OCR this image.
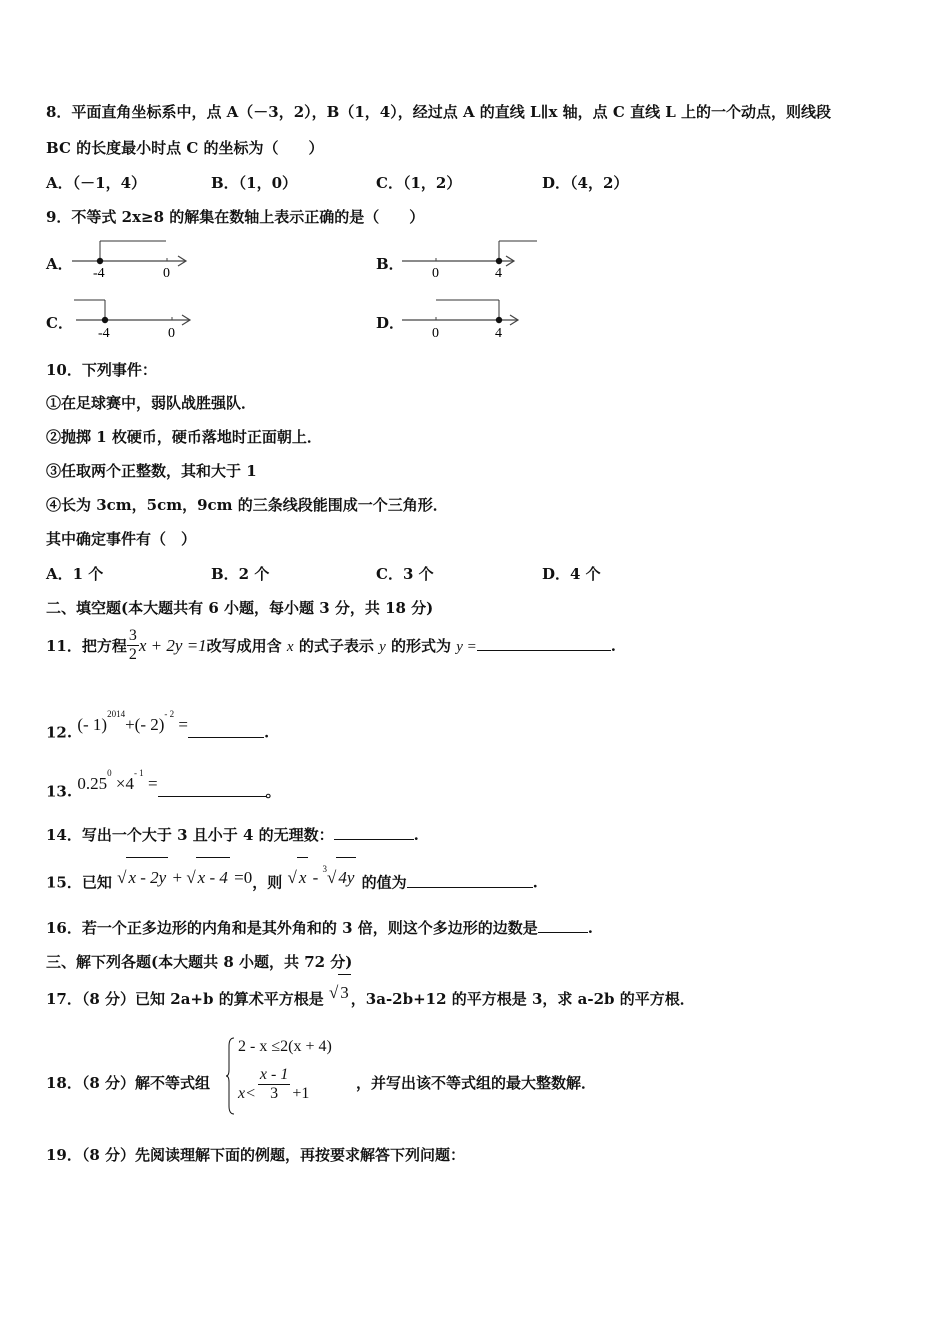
8．平面直角坐标系中，点 A（－3，2），B（1，4），经过点 A 的直线 L∥x 轴，点 C 直线 L 上的一个动点，则线段
BC 的长度最小时点 C 的坐标为（　　）
A．（－1，4）	B．（1，0）	C．（1，2）	D．（4，2）
9．不等式 2x≥8 的解集在数轴上表示正确的是（　　）
A．
-4	0
B．
0	4
C．
-4	0
D．
0	4
10．下列事件：
①在足球赛中，弱队战胜强队．
②抛掷 1 枚硬币，硬币落地时正面朝上．
③任取两个正整数，其和大于 1
④长为 3cm，5cm，9cm 的三条线段能围成一个三角形．
其中确定事件有（　）
A．1 个	B．2 个	C．3 个	D．4 个
二、填空题(本大题共有 6 小题，每小题 3 分，共 18 分)
11．把方程 $\frac{3}{2}$ x + 2y =1改写成用含 x 的式子表示 y 的形式为 y =	.
12. (- 1)$^{2014}$+(- 2)$^{- 2}$ =	.
13. $0.25^0 \times 4^{- 1}$ =	。
14．写出一个大于 3 且小于 4 的无理数：	.
15．已知 √ x - 2y + √ x - 4 =0，则 √ x - $^3$√ 4y 的值为	.
16．若一个正多边形的内角和是其外角和的 3 倍，则这个多边形的边数是	.
三、解下列各题(本大题共 8 小题，共 72 分)
17．（8 分）已知 2a+b 的算术平方根是 √ 3 ，3a-2b+12 的平方根是 3，求 a-2b 的平方根．
18．（8 分）解不等式组
2 - x ≤2(x + 4)
$x< \frac{x - 1}{3} +1$
，并写出该不等式组的最大整数解．
19．（8 分）先阅读理解下面的例题，再按要求解答下列问题：
